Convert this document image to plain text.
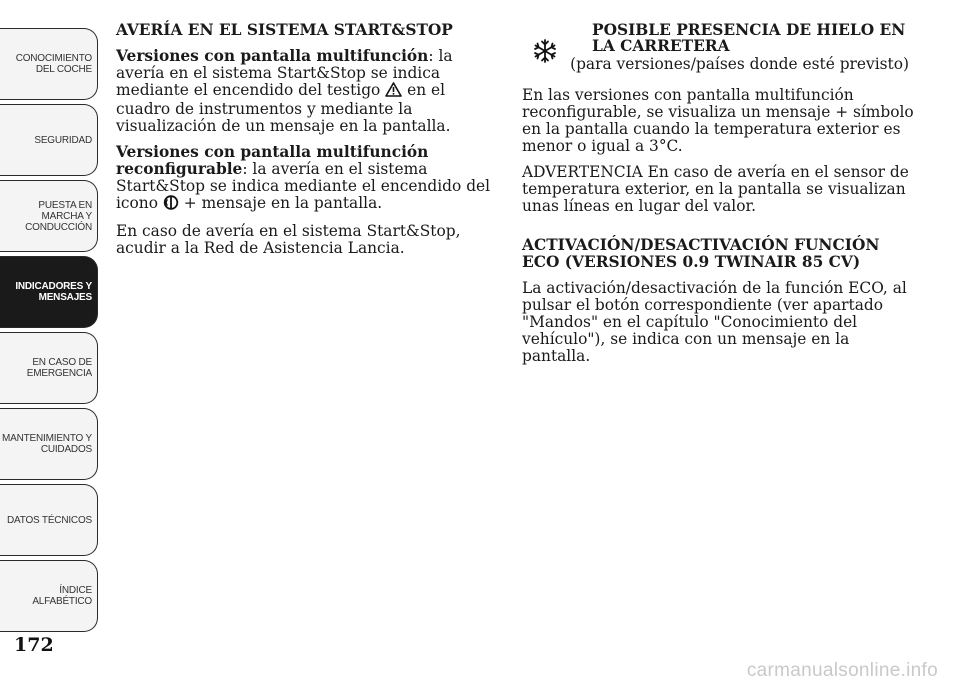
CONOCIMIENTO
DEL COCHE
SEGURIDAD
PUESTA EN
MARCHA Y
CONDUCCIÓN
INDICADORES Y
MENSAJES
EN CASO DE
EMERGENCIA
MANTENIMIENTO Y
CUIDADOS
DATOS TÉCNICOS
ÍNDICE
ALFABÉTICO
172
AVERÍA EN EL SISTEMA START&STOP

Versiones con pantalla multifunción: la avería en el sistema Start&Stop se indica mediante el encendido del testigo  en el cuadro de instrumentos y mediante la visualización de un mensaje en la pantalla.

Versiones con pantalla multifunción reconfigurable: la avería en el sistema Start&Stop se indica mediante el encendido del icono  + mensaje en la pantalla.

En caso de avería en el sistema Start&Stop, acudir a la Red de Asistencia Lancia.

POSIBLE PRESENCIA DE HIELO EN LA CARRETERA
(para versiones/países donde esté previsto)

En las versiones con pantalla multifunción reconfigurable, se visualiza un mensaje + símbolo en la pantalla cuando la temperatura exterior es menor o igual a 3°C.

ADVERTENCIA En caso de avería en el sensor de temperatura exterior, en la pantalla se visualizan unas líneas en lugar del valor.

ACTIVACIÓN/DESACTIVACIÓN FUNCIÓN ECO (VERSIONES 0.9 TWINAIR 85 CV)

La activación/desactivación de la función ECO, al pulsar el botón correspondiente (ver apartado "Mandos" en el capítulo "Conocimiento del vehículo"), se indica con un mensaje en la pantalla.

carmanualsonline.info
